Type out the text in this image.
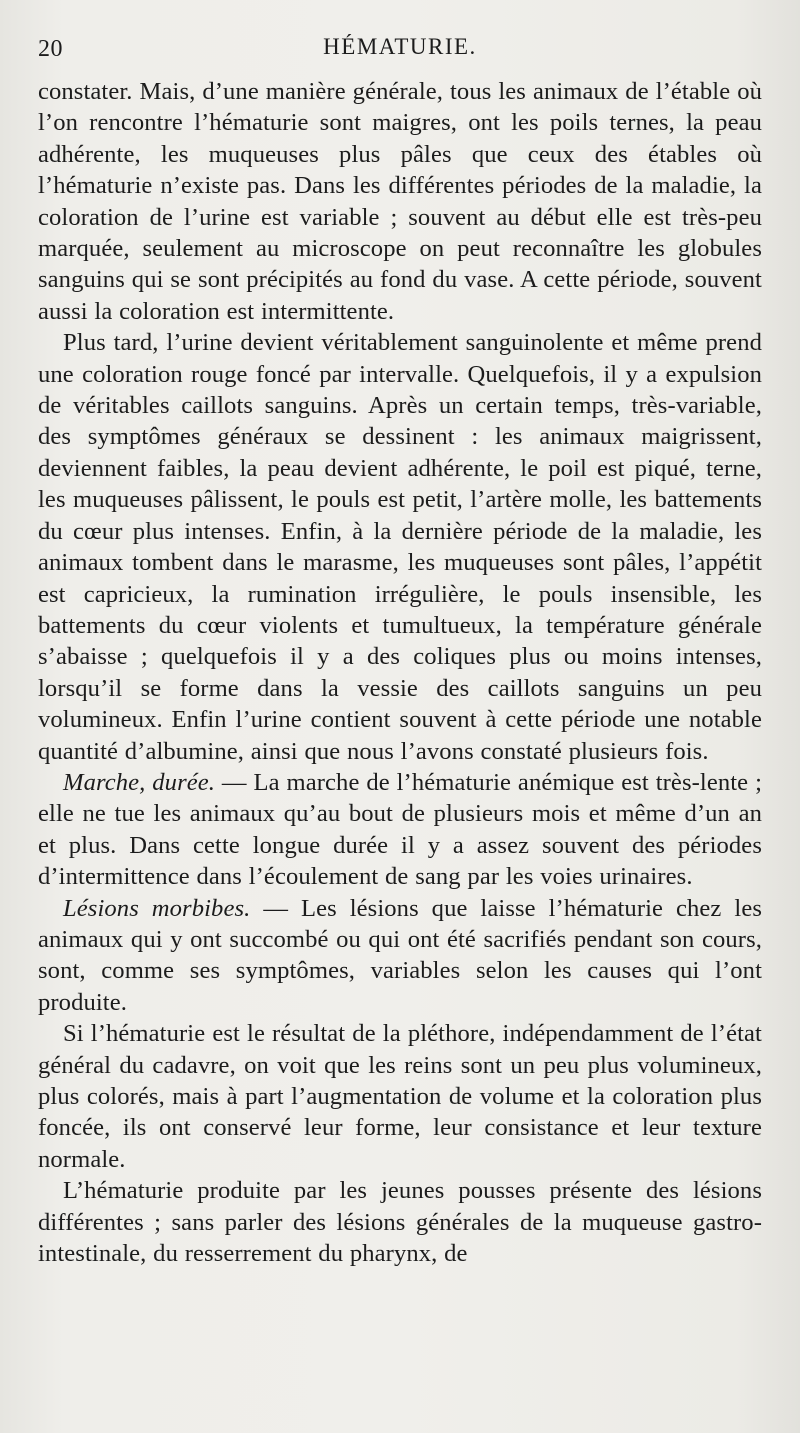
20	HÉMATURIE.

constater. Mais, d’une manière générale, tous les animaux de l’étable où l’on rencontre l’hématurie sont maigres, ont les poils ternes, la peau adhérente, les muqueuses plus pâles que ceux des étables où l’hématurie n’existe pas. Dans les différentes périodes de la maladie, la coloration de l’urine est variable ; souvent au début elle est très-peu marquée, seulement au microscope on peut reconnaître les globules sanguins qui se sont précipités au fond du vase. A cette période, souvent aussi la coloration est intermittente.

Plus tard, l’urine devient véritablement sanguinolente et même prend une coloration rouge foncé par intervalle. Quelquefois, il y a expulsion de véritables caillots sanguins. Après un certain temps, très-variable, des symptômes généraux se dessinent : les animaux maigrissent, deviennent faibles, la peau devient adhérente, le poil est piqué, terne, les muqueuses pâlissent, le pouls est petit, l’artère molle, les battements du cœur plus intenses. Enfin, à la dernière période de la maladie, les animaux tombent dans le marasme, les muqueuses sont pâles, l’appétit est capricieux, la rumination irrégulière, le pouls insensible, les battements du cœur violents et tumultueux, la température générale s’abaisse ; quelquefois il y a des coliques plus ou moins intenses, lorsqu’il se forme dans la vessie des caillots sanguins un peu volumineux. Enfin l’urine contient souvent à cette période une notable quantité d’albumine, ainsi que nous l’avons constaté plusieurs fois.

Marche, durée. — La marche de l’hématurie anémique est très-lente ; elle ne tue les animaux qu’au bout de plusieurs mois et même d’un an et plus. Dans cette longue durée il y a assez souvent des périodes d’intermittence dans l’écoulement de sang par les voies urinaires.

Lésions morbibes. — Les lésions que laisse l’hématurie chez les animaux qui y ont succombé ou qui ont été sacrifiés pendant son cours, sont, comme ses symptômes, variables selon les causes qui l’ont produite.

Si l’hématurie est le résultat de la pléthore, indépendamment de l’état général du cadavre, on voit que les reins sont un peu plus volumineux, plus colorés, mais à part l’augmentation de volume et la coloration plus foncée, ils ont conservé leur forme, leur consistance et leur texture normale.

L’hématurie produite par les jeunes pousses présente des lésions différentes ; sans parler des lésions générales de la muqueuse gastro-intestinale, du resserrement du pharynx, de
